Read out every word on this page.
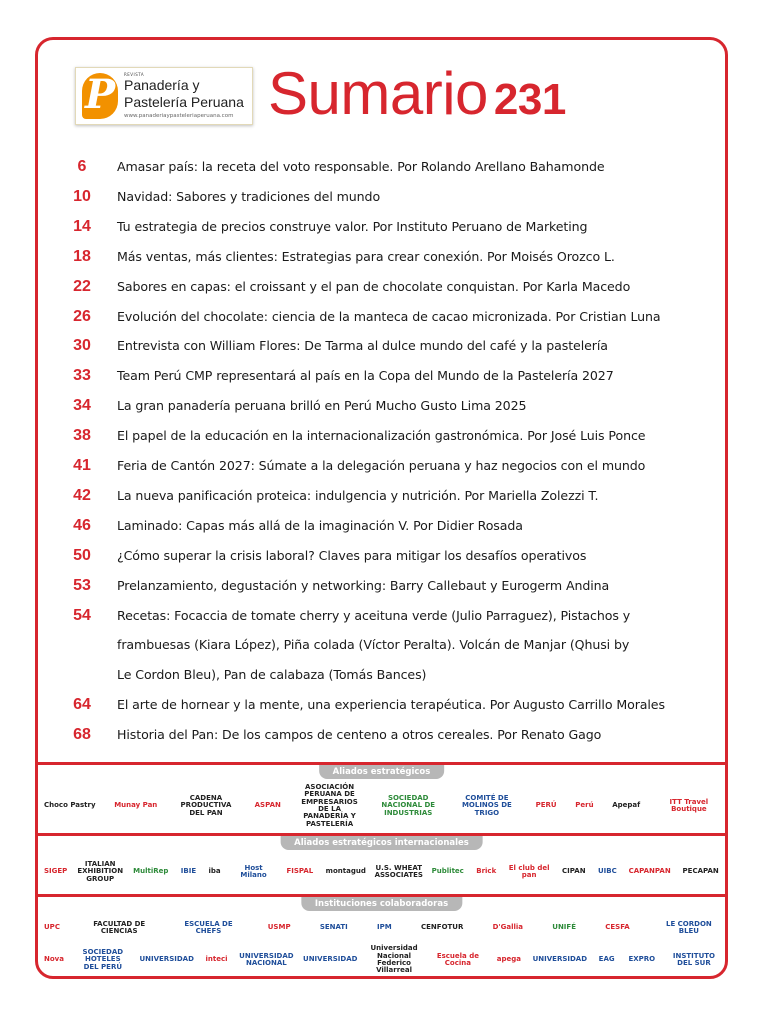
P	REVISTA
Panadería y
Pastelería Peruana
www.panaderiaypasteleriaperuana.com Sumario 231
6	Amasar país: la receta del voto responsable. Por Rolando Arellano Bahamonde
10	Navidad: Sabores y tradiciones del mundo
14	Tu estrategia de precios construye valor. Por Instituto Peruano de Marketing
18	Más ventas, más clientes: Estrategias para crear conexión. Por Moisés Orozco L.
22	Sabores en capas: el croissant y el pan de chocolate conquistan. Por Karla Macedo
26	Evolución del chocolate: ciencia de la manteca de cacao micronizada. Por Cristian Luna
30	Entrevista con William Flores: De Tarma al dulce mundo del café y la pastelería
33	Team Perú CMP representará al país en la Copa del Mundo de la Pastelería 2027
34	La gran panadería peruana brilló en Perú Mucho Gusto Lima 2025
38	El papel de la educación en la internacionalización gastronómica. Por José Luis Ponce
41	Feria de Cantón 2027: Súmate a la delegación peruana y haz negocios con el mundo
42	La nueva panificación proteica: indulgencia y nutrición. Por Mariella Zolezzi T.
46	Laminado: Capas más allá de la imaginación V. Por Didier Rosada
50	¿Cómo superar la crisis laboral? Claves para mitigar los desafíos operativos
53	Prelanzamiento, degustación y networking: Barry Callebaut y Eurogerm Andina
54	Recetas: Focaccia de tomate cherry y aceituna verde (Julio Parraguez), Pistachos y
frambuesas (Kiara López), Piña colada (Víctor Peralta). Volcán de Manjar (Qhusi by
Le Cordon Bleu), Pan de calabaza (Tomás Bances)
64	El arte de hornear y la mente, una experiencia terapéutica. Por Augusto Carrillo Morales
68	Historia del Pan: De los campos de centeno a otros cereales. Por Renato Gago
Aliados estratégicos
Choco Pastry	Munay Pan
CADENA PRODUCTIVA DEL PAN
ASPAN
ASOCIACIÓN PERUANA DE EMPRESARIOS DE LA PANADERÍA Y PASTELERÍA
SOCIEDAD NACIONAL DE INDUSTRIAS
COMITÉ DE MOLINOS DE TRIGO
PERÚ	Perú	Apepaf	ITT Travel Boutique
Aliados estratégicos internacionales
SIGEP
ITALIAN EXHIBITION GROUP
MultiRep IBIE iba	Host Milano	FISPAL montagud U.S. WHEAT ASSOCIATES Publitec Brick El club del pan	CIPAN UIBC CAPANPAN PECAPAN
Instituciones colaboradoras
UPC	FACULTAD DE CIENCIAS
ESCUELA DE CHEFS	USMP	SENATI	IPM	CENFOTUR	D'Gallia	UNIFÉ	CESFA	LE CORDON BLEU
Nova
SOCIEDAD HOTELES DEL PERÚ
UNIVERSIDAD inteci UNIVERSIDAD NACIONAL	UNIVERSIDAD
Universidad Nacional Federico Villarreal
Escuela de Cocina	apega UNIVERSIDAD EAG EXPRO	INSTITUTO DEL SUR
